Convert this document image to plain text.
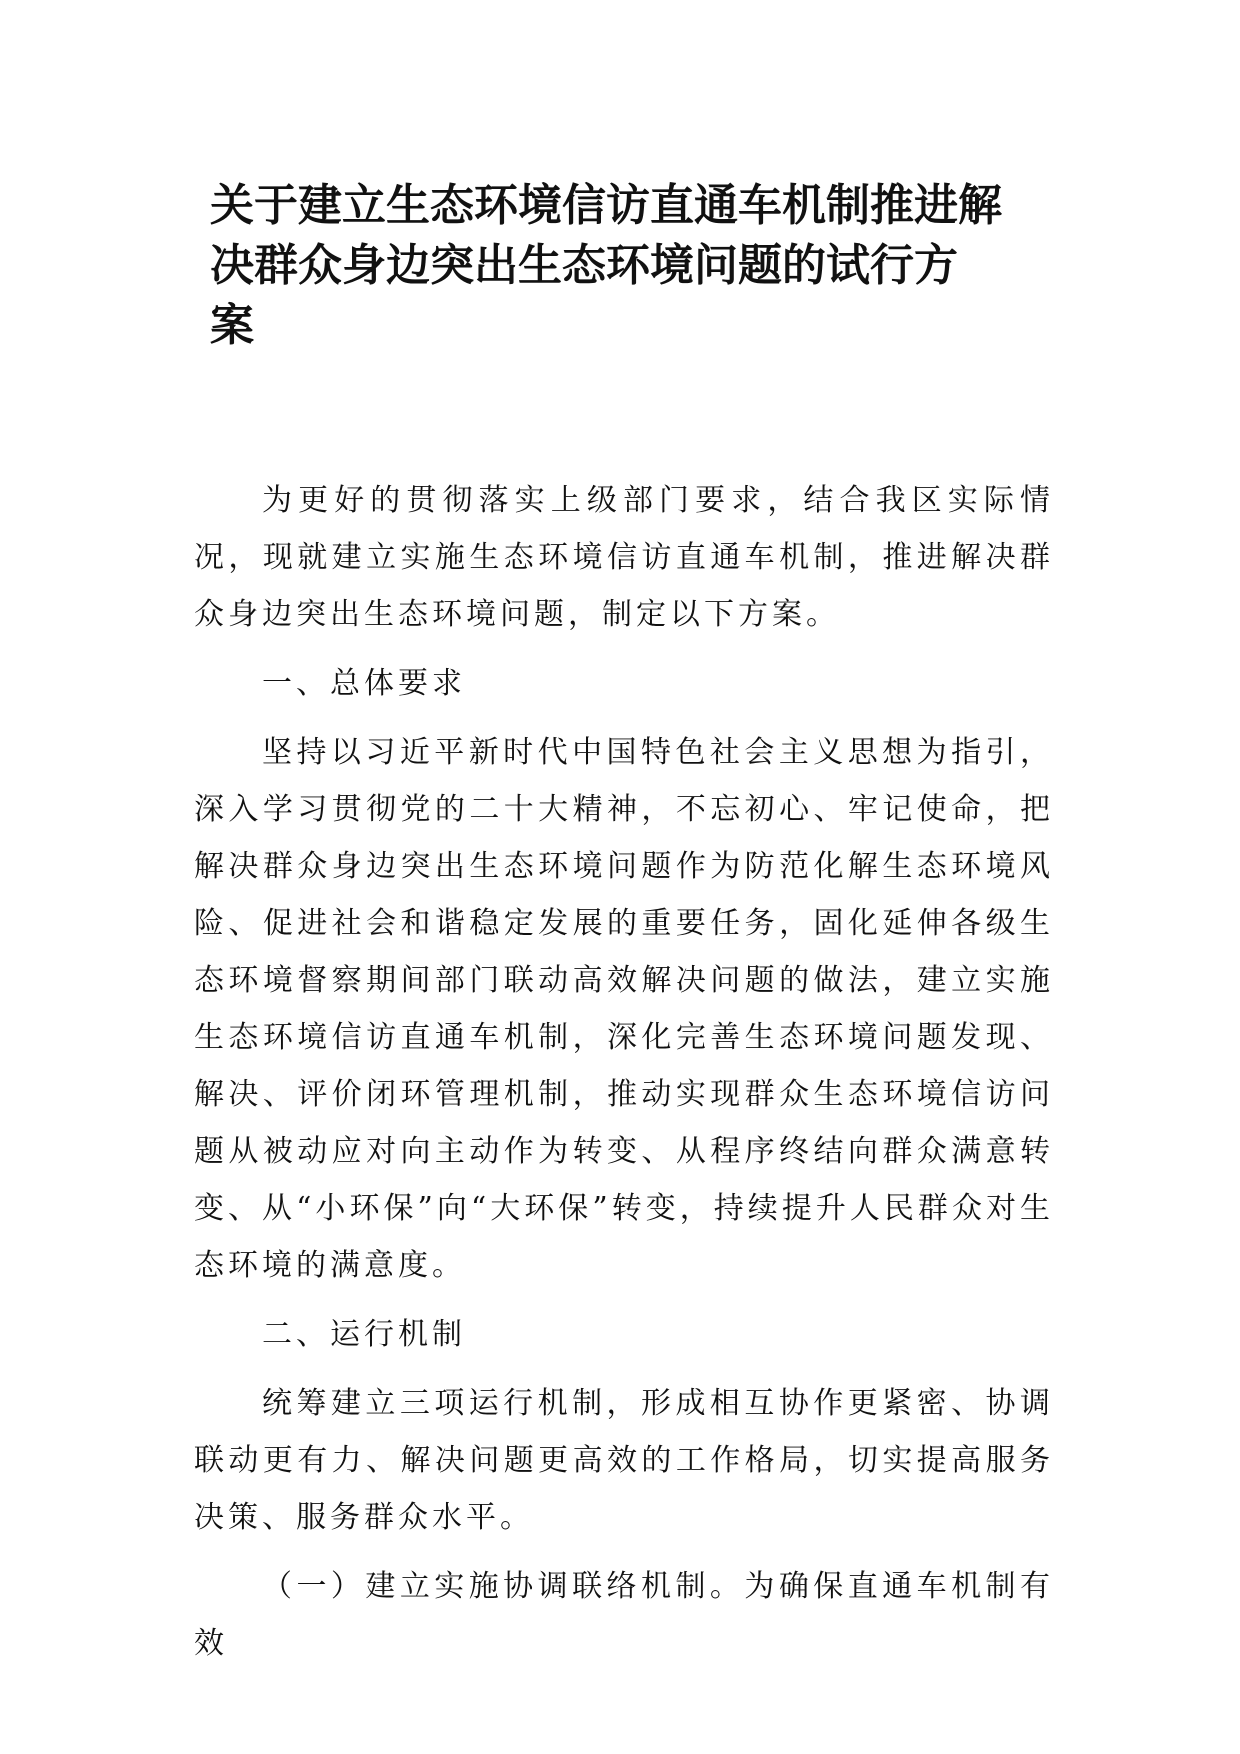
关于建立生态环境信访直通车机制推进解
决群众身边突出生态环境问题的试行方
案

为更好的贯彻落实上级部门要求，结合我区实际情况，现就建立实施生态环境信访直通车机制，推进解决群众身边突出生态环境问题，制定以下方案。

一、总体要求

坚持以习近平新时代中国特色社会主义思想为指引，深入学习贯彻党的二十大精神，不忘初心、牢记使命，把解决群众身边突出生态环境问题作为防范化解生态环境风险、促进社会和谐稳定发展的重要任务，固化延伸各级生态环境督察期间部门联动高效解决问题的做法，建立实施生态环境信访直通车机制，深化完善生态环境问题发现、解决、评价闭环管理机制，推动实现群众生态环境信访问题从被动应对向主动作为转变、从程序终结向群众满意转变、从“小环保”向“大环保”转变，持续提升人民群众对生态环境的满意度。

二、运行机制

统筹建立三项运行机制，形成相互协作更紧密、协调联动更有力、解决问题更高效的工作格局，切实提高服务决策、服务群众水平。

（一）建立实施协调联络机制。为确保直通车机制有效
